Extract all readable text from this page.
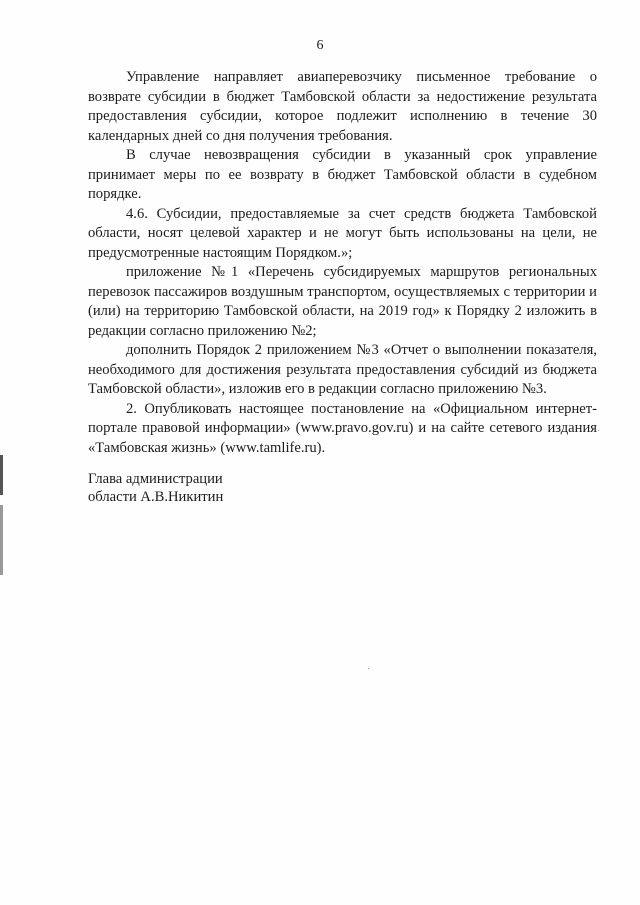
6

Управление направляет авиаперевозчику письменное требование о возврате субсидии в бюджет Тамбовской области за недостижение результата предоставления субсидии, которое подлежит исполнению в течение 30 календарных дней со дня получения требования.

В случае невозвращения субсидии в указанный срок управление принимает меры по ее возврату в бюджет Тамбовской области в судебном порядке.

4.6. Субсидии, предоставляемые за счет средств бюджета Тамбовской области, носят целевой характер и не могут быть использованы на цели, не предусмотренные настоящим Порядком.»;

приложение №1 «Перечень субсидируемых маршрутов региональных перевозок пассажиров воздушным транспортом, осуществляемых с территории и (или) на территорию Тамбовской области, на 2019 год» к Порядку 2 изложить в редакции согласно приложению №2;

дополнить Порядок 2 приложением №3 «Отчет о выполнении показателя, необходимого для достижения результата предоставления субсидий из бюджета Тамбовской области», изложив его в редакции согласно приложению №3.

2. Опубликовать настоящее постановление на «Официальном интернет-портале правовой информации» (www.pravo.gov.ru) и на сайте сетевого издания «Тамбовская жизнь» (www.tamlife.ru).

Глава администрации
области А.В.Никитин
